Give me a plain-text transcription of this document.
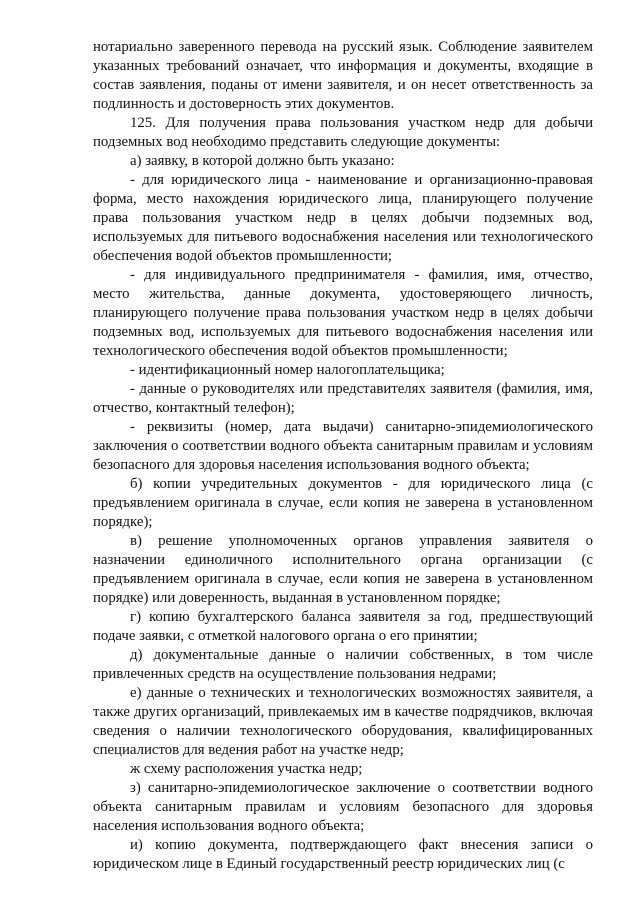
нотариально заверенного перевода на русский язык. Соблюдение заявителем указанных требований означает, что информация и документы, входящие в состав заявления, поданы от имени заявителя, и он несет ответственность за подлинность и достоверность этих документов.

125. Для получения права пользования участком недр для добычи подземных вод необходимо представить следующие документы:

а) заявку, в которой должно быть указано:

- для юридического лица - наименование и организационно-правовая форма, место нахождения юридического лица, планирующего получение права пользования участком недр в целях добычи подземных вод, используемых для питьевого водоснабжения населения или технологического обеспечения водой объектов промышленности;

- для индивидуального предпринимателя - фамилия, имя, отчество, место жительства, данные документа, удостоверяющего личность, планирующего получение права пользования участком недр в целях добычи подземных вод, используемых для питьевого водоснабжения населения или технологического обеспечения водой объектов промышленности;

- идентификационный номер налогоплательщика;

- данные о руководителях или представителях заявителя (фамилия, имя, отчество, контактный телефон);

- реквизиты (номер, дата выдачи) санитарно-эпидемиологического заключения о соответствии водного объекта санитарным правилам и условиям безопасного для здоровья населения использования водного объекта;

б) копии учредительных документов - для юридического лица (с предъявлением оригинала в случае, если копия не заверена в установленном порядке);

в) решение уполномоченных органов управления заявителя о назначении единоличного исполнительного органа организации (с предъявлением оригинала в случае, если копия не заверена в установленном порядке) или доверенность, выданная в установленном порядке;

г) копию бухгалтерского баланса заявителя за год, предшествующий подаче заявки, с отметкой налогового органа о его принятии;

д) документальные данные о наличии собственных, в том числе привлеченных средств на осуществление пользования недрами;

е) данные о технических и технологических возможностях заявителя, а также других организаций, привлекаемых им в качестве подрядчиков, включая сведения о наличии технологического оборудования, квалифицированных специалистов для ведения работ на участке недр;

ж схему расположения участка недр;

з) санитарно-эпидемиологическое заключение о соответствии водного объекта санитарным правилам и условиям безопасного для здоровья населения использования водного объекта;

и) копию документа, подтверждающего факт внесения записи о юридическом лице в Единый государственный реестр юридических лиц (с
